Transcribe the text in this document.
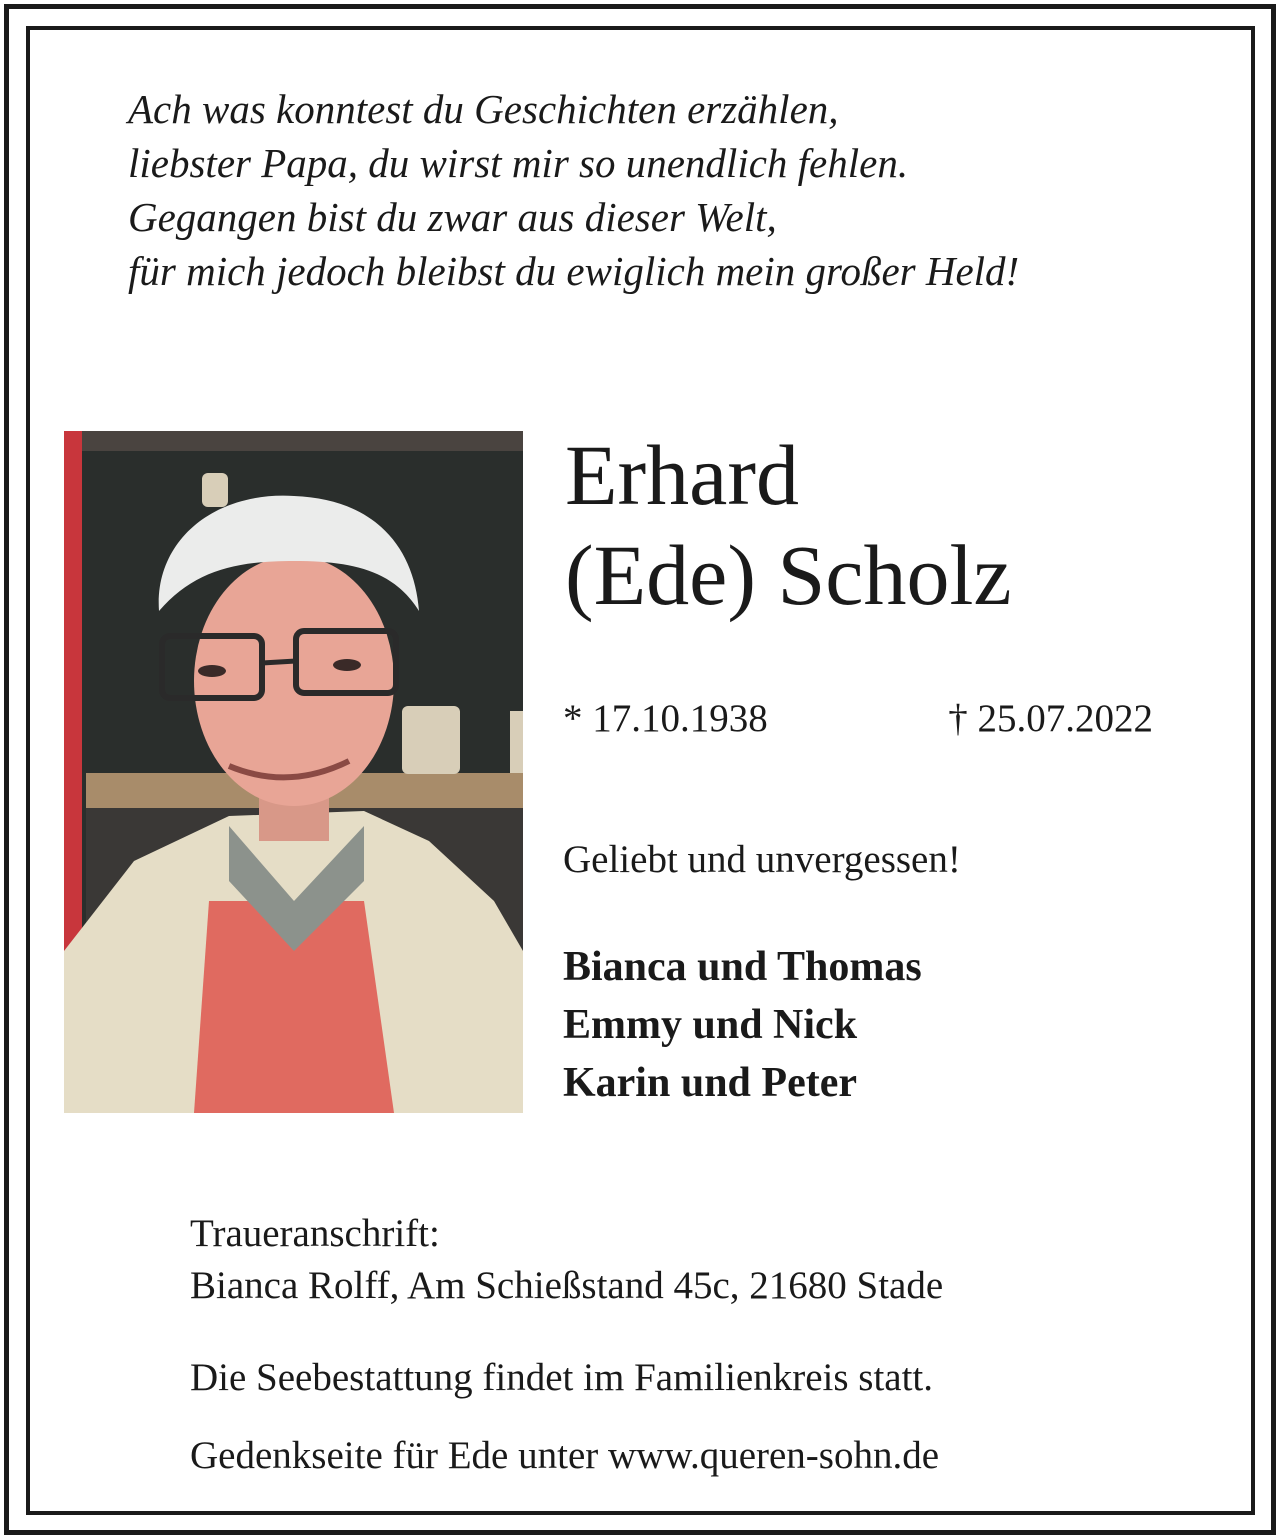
Ach was konntest du Geschichten erzählen,
liebster Papa, du wirst mir so unendlich fehlen.
Gegangen bist du zwar aus dieser Welt,
für mich jedoch bleibst du ewiglich mein großer Held!
Erhard
(Ede) Scholz
* 17.10.1938	† 25.07.2022
Geliebt und unvergessen!
Bianca und Thomas
Emmy und Nick
Karin und Peter
Traueranschrift:
Bianca Rolff, Am Schießstand 45c, 21680 Stade
Die Seebestattung findet im Familienkreis statt.
Gedenkseite für Ede unter www.queren-sohn.de
